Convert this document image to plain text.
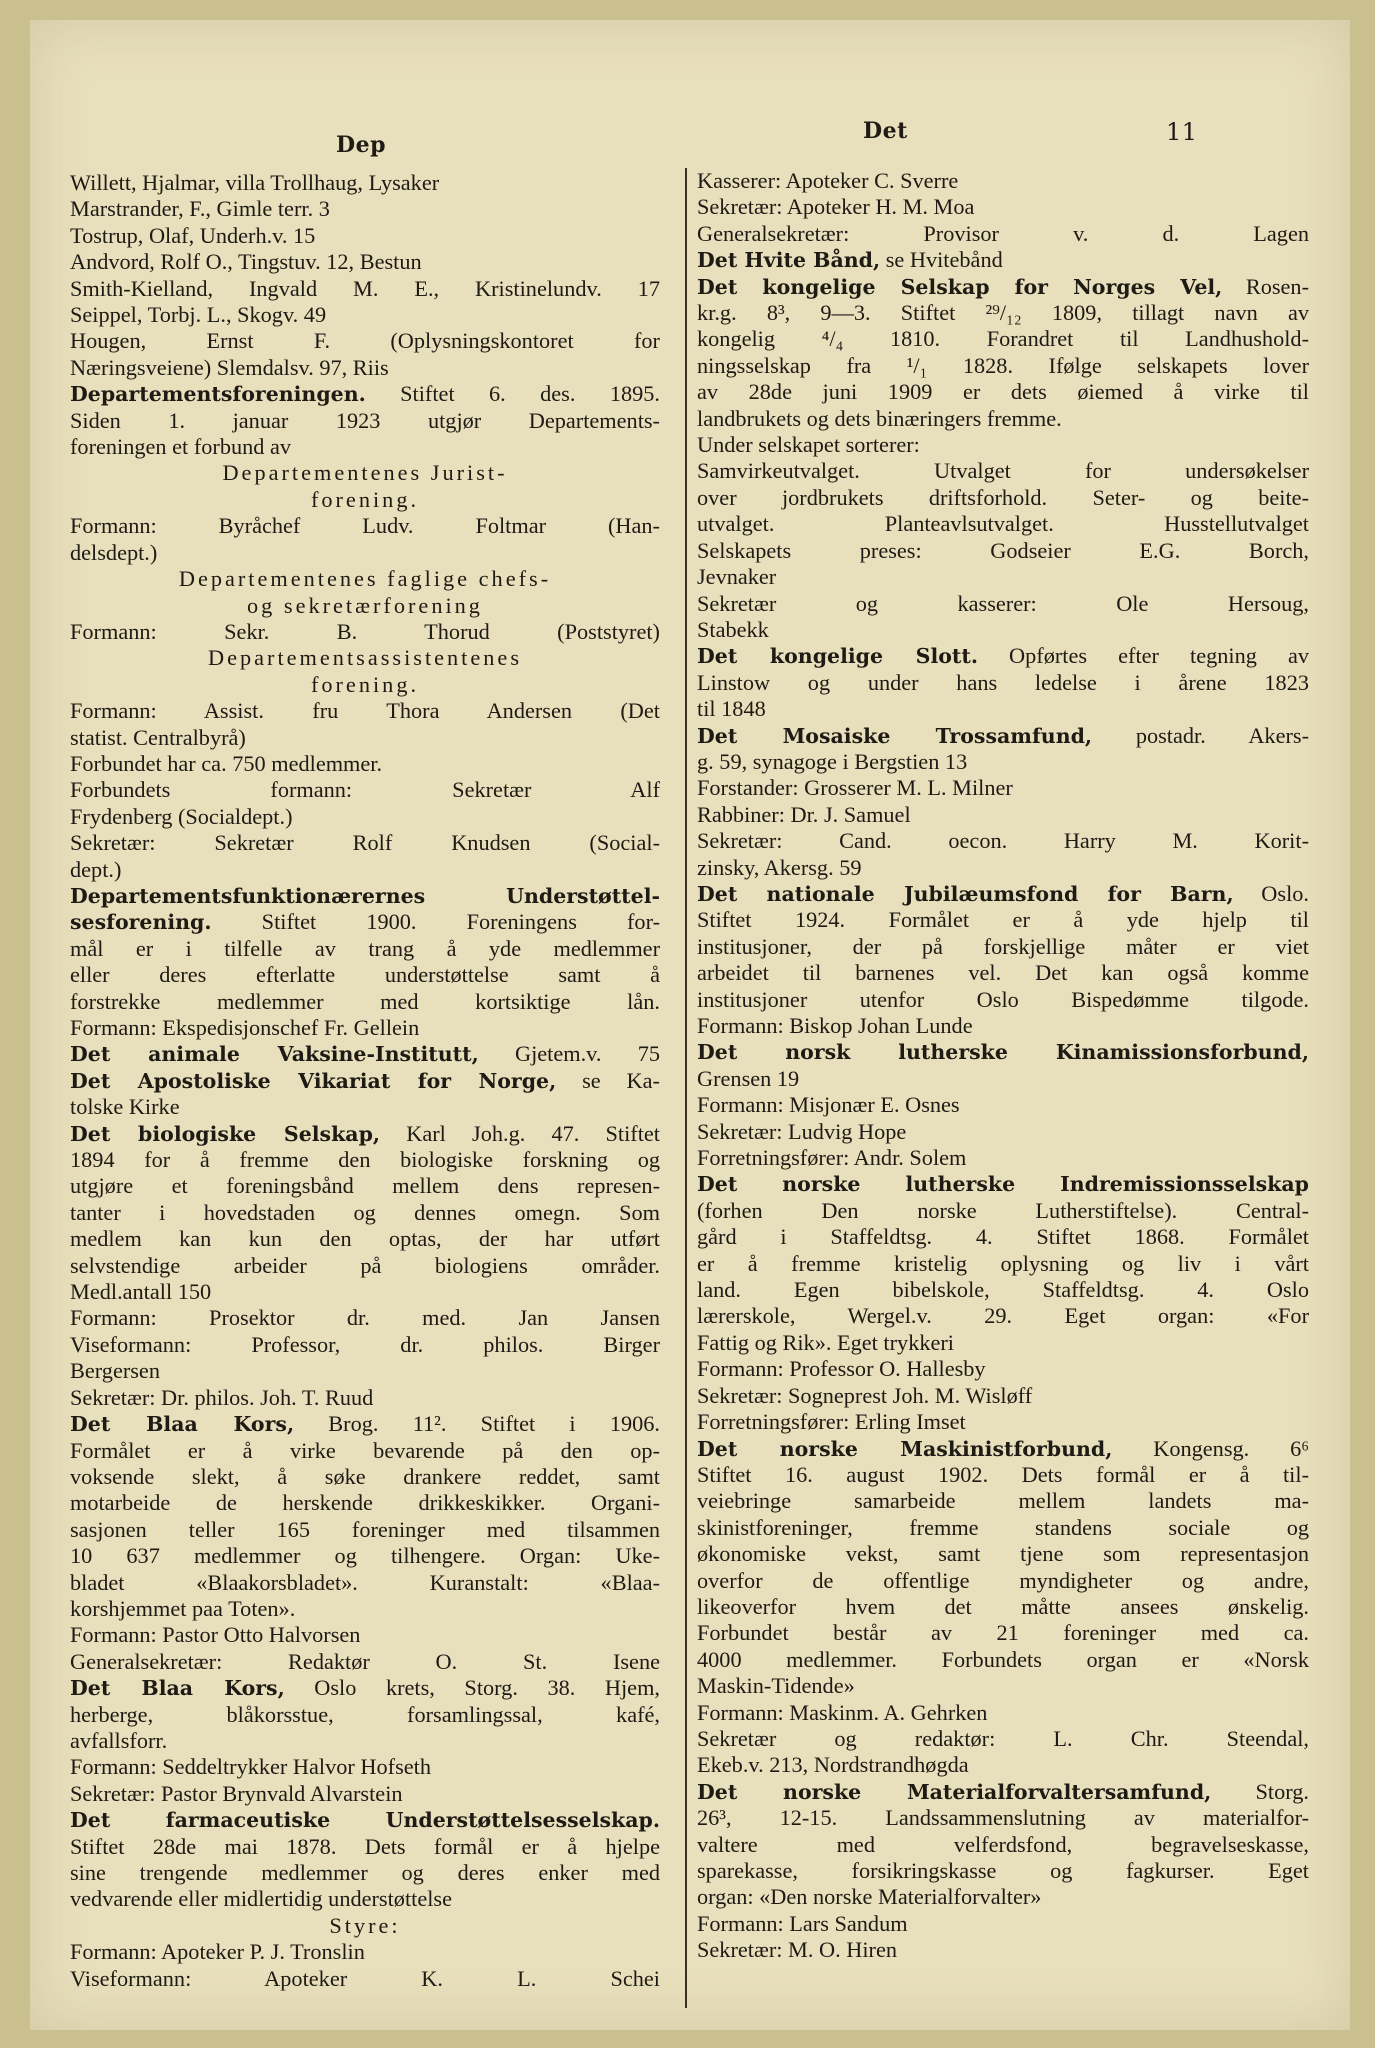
Dep
Det	11
Willett, Hjalmar, villa Trollhaug, Lysaker
Marstrander, F., Gimle terr. 3
Tostrup, Olaf, Underh.v. 15
Andvord, Rolf O., Tingstuv. 12, Bestun
Smith-Kielland, Ingvald M. E., Kristinelundv. 17
Seippel, Torbj. L., Skogv. 49
Hougen, Ernst F. (Oplysningskontoret for
Næringsveiene) Slemdalsv. 97, Riis
Departementsforeningen. Stiftet 6. des. 1895.
Siden 1. januar 1923 utgjør Departements-
foreningen et forbund av
Departementenes Jurist-
forening.
Formann: Byråchef Ludv. Foltmar (Han-
delsdept.)
Departementenes faglige chefs-
og sekretærforening
Formann: Sekr. B. Thorud (Poststyret)
Departementsassistentenes
forening.
Formann: Assist. fru Thora Andersen (Det
statist. Centralbyrå)
Forbundet har ca. 750 medlemmer.
Forbundets formann: Sekretær Alf
Frydenberg (Socialdept.)
Sekretær: Sekretær Rolf Knudsen (Social-
dept.)
Departementsfunktionærernes Understøttel-
sesforening. Stiftet 1900. Foreningens for-
mål er i tilfelle av trang å yde medlemmer
eller deres efterlatte understøttelse samt å
forstrekke medlemmer med kortsiktige lån.
Formann: Ekspedisjonschef Fr. Gellein
Det animale Vaksine-Institutt, Gjetem.v. 75
Det Apostoliske Vikariat for Norge, se Ka-
tolske Kirke
Det biologiske Selskap, Karl Joh.g. 47. Stiftet
1894 for å fremme den biologiske forskning og
utgjøre et foreningsbånd mellem dens represen-
tanter i hovedstaden og dennes omegn. Som
medlem kan kun den optas, der har utført
selvstendige arbeider på biologiens områder.
Medl.antall 150
Formann: Prosektor dr. med. Jan Jansen
Viseformann: Professor, dr. philos. Birger
Bergersen
Sekretær: Dr. philos. Joh. T. Ruud
Det Blaa Kors, Brog. 11². Stiftet i 1906.
Formålet er å virke bevarende på den op-
voksende slekt, å søke drankere reddet, samt
motarbeide de herskende drikkeskikker. Organi-
sasjonen teller 165 foreninger med tilsammen
10 637 medlemmer og tilhengere. Organ: Uke-
bladet «Blaakorsbladet». Kuranstalt: «Blaa-
korshjemmet paa Toten».
Formann: Pastor Otto Halvorsen
Generalsekretær: Redaktør O. St. Isene
Det Blaa Kors, Oslo krets, Storg. 38. Hjem,
herberge, blåkorsstue, forsamlingssal, kafé,
avfallsforr.
Formann: Seddeltrykker Halvor Hofseth
Sekretær: Pastor Brynvald Alvarstein
Det farmaceutiske Understøttelsesselskap.
Stiftet 28de mai 1878. Dets formål er å hjelpe
sine trengende medlemmer og deres enker med
vedvarende eller midlertidig understøttelse
Styre:
Formann: Apoteker P. J. Tronslin
Viseformann: Apoteker K. L. Schei
Kasserer: Apoteker C. Sverre
Sekretær: Apoteker H. M. Moa
Generalsekretær: Provisor v. d. Lagen
Det Hvite Bånd, se Hvitebånd
Det kongelige Selskap for Norges Vel, Rosen-
kr.g. 8³, 9—3. Stiftet ²⁹/₁₂ 1809, tillagt navn av
kongelig ⁴/₄ 1810. Forandret til Landhushold-
ningsselskap fra ¹/₁ 1828. Ifølge selskapets lover
av 28de juni 1909 er dets øiemed å virke til
landbrukets og dets binæringers fremme.
Under selskapet sorterer:
Samvirkeutvalget. Utvalget for undersøkelser
over jordbrukets driftsforhold. Seter- og beite-
utvalget. Planteavlsutvalget. Husstellutvalget
Selskapets preses: Godseier E.G. Borch,
Jevnaker
Sekretær og kasserer: Ole Hersoug,
Stabekk
Det kongelige Slott. Opførtes efter tegning av
Linstow og under hans ledelse i årene 1823
til 1848
Det Mosaiske Trossamfund, postadr. Akers-
g. 59, synagoge i Bergstien 13
Forstander: Grosserer M. L. Milner
Rabbiner: Dr. J. Samuel
Sekretær: Cand. oecon. Harry M. Korit-
zinsky, Akersg. 59
Det nationale Jubilæumsfond for Barn, Oslo.
Stiftet 1924. Formålet er å yde hjelp til
institusjoner, der på forskjellige måter er viet
arbeidet til barnenes vel. Det kan også komme
institusjoner utenfor Oslo Bispedømme tilgode.
Formann: Biskop Johan Lunde
Det norsk lutherske Kinamissionsforbund,
Grensen 19
Formann: Misjonær E. Osnes
Sekretær: Ludvig Hope
Forretningsfører: Andr. Solem
Det norske lutherske Indremissionsselskap
(forhen Den norske Lutherstiftelse). Central-
gård i Staffeldtsg. 4. Stiftet 1868. Formålet
er å fremme kristelig oplysning og liv i vårt
land. Egen bibelskole, Staffeldtsg. 4. Oslo
lærerskole, Wergel.v. 29. Eget organ: «For
Fattig og Rik». Eget trykkeri
Formann: Professor O. Hallesby
Sekretær: Sogneprest Joh. M. Wisløff
Forretningsfører: Erling Imset
Det norske Maskinistforbund, Kongensg. 6⁶
Stiftet 16. august 1902. Dets formål er å til-
veiebringe samarbeide mellem landets ma-
skinistforeninger, fremme standens sociale og
økonomiske vekst, samt tjene som representasjon
overfor de offentlige myndigheter og andre,
likeoverfor hvem det måtte ansees ønskelig.
Forbundet består av 21 foreninger med ca.
4000 medlemmer. Forbundets organ er «Norsk
Maskin-Tidende»
Formann: Maskinm. A. Gehrken
Sekretær og redaktør: L. Chr. Steendal,
Ekeb.v. 213, Nordstrandhøgda
Det norske Materialforvaltersamfund, Storg.
26³, 12-15. Landssammenslutning av materialfor-
valtere med velferdsfond, begravelseskasse,
sparekasse, forsikringskasse og fagkurser. Eget
organ: «Den norske Materialforvalter»
Formann: Lars Sandum
Sekretær: M. O. Hiren
